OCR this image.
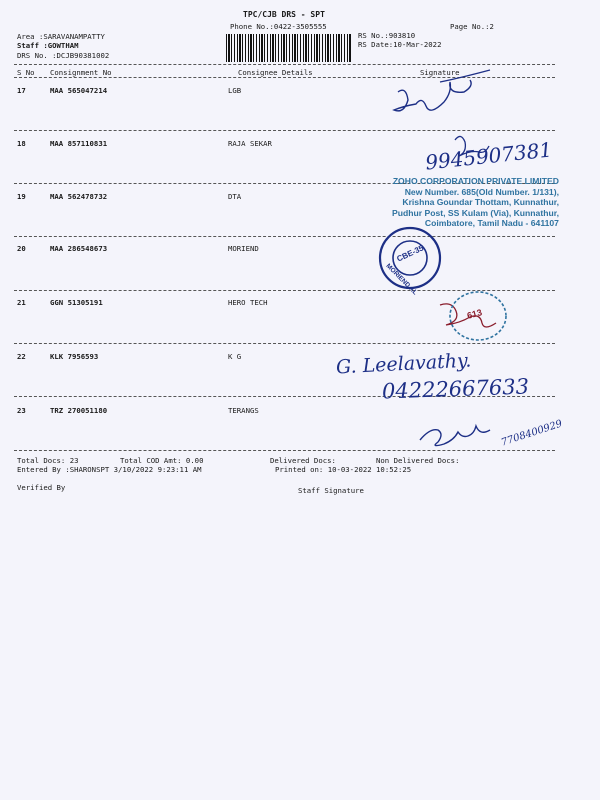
TPC/CJB DRS - SPT
Phone No.:0422-3505555	Page No.:2
Area :SARAVANAMPATTY
Staff :GOWTHAM
DRS No. :DCJB90381002
RS No.:903810
RS Date:10-Mar-2022
S No Consignment No	Consignee Details	Signature
17	MAA 565047214	LGB
18	MAA 857110831	RAJA SEKAR
19	MAA 562478732	DTA
20	MAA 286548673	MORIEND
21	GGN 51305191	HERO TECH
22	KLK 7956593	K G
23	TRZ 270051180	TERANGS
9945907381
ZOHO CORPORATION PRIVATE LIMITED
New Number. 685(Old Number. 1/131),
Krishna Goundar Thottam, Kunnathur,
Pudhur Post, SS Kulam (Via), Kunnathur,
Coimbatore, Tamil Nadu - 641107
CBE-35
MORIEND AL
613
G. Leelavathy.
04222667633
7708400929
Total Docs: 23	Total COD Amt: 0.00	Delivered Docs:	Non Delivered Docs:
Entered By :SHARONSPT 3/10/2022 9:23:11 AM	Printed on: 10-03-2022 10:52:25
Verified By	Staff Signature
